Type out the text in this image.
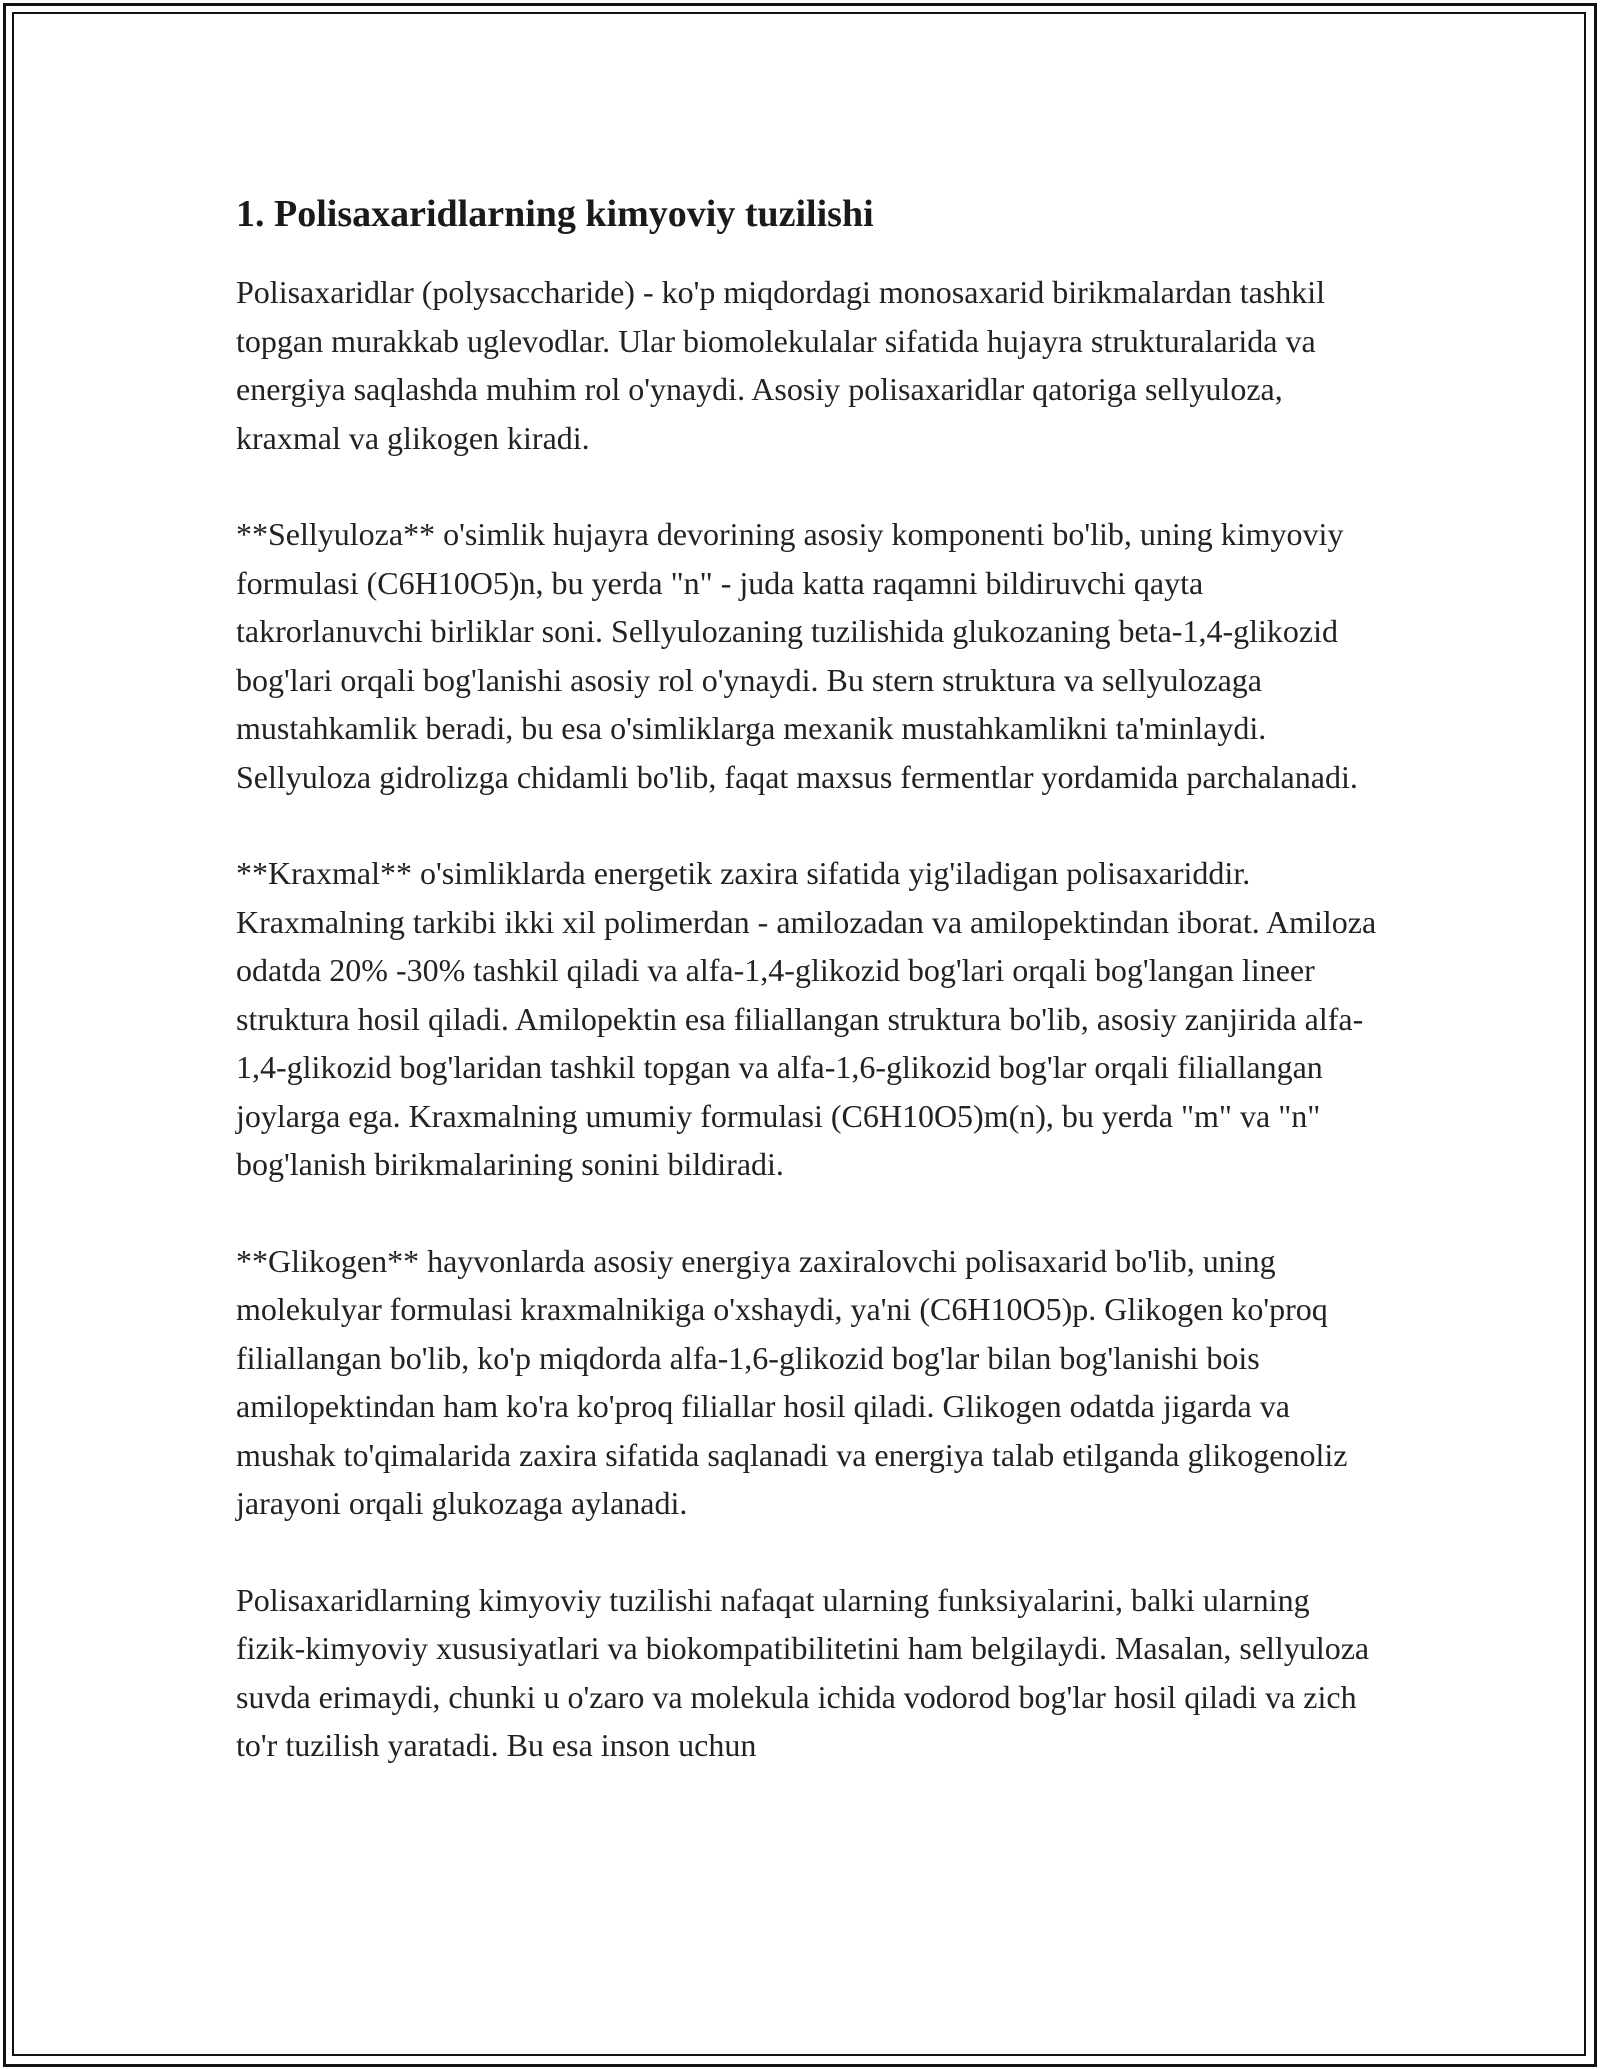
1. Polisaxaridlarning kimyoviy tuzilishi

Polisaxaridlar (polysaccharide) - ko'p miqdordagi monosaxarid birikmalardan tashkil topgan murakkab uglevodlar. Ular biomolekulalar sifatida hujayra strukturalarida va energiya saqlashda muhim rol o'ynaydi. Asosiy polisaxaridlar qatoriga sellyuloza, kraxmal va glikogen kiradi.

**Sellyuloza** o'simlik hujayra devorining asosiy komponenti bo'lib, uning kimyoviy formulasi (C6H10O5)n, bu yerda "n" - juda katta raqamni bildiruvchi qayta takrorlanuvchi birliklar soni. Sellyulozaning tuzilishida glukozaning beta-1,4-glikozid bog'lari orqali bog'lanishi asosiy rol o'ynaydi. Bu stern struktura va sellyulozaga mustahkamlik beradi, bu esa o'simliklarga mexanik mustahkamlikni ta'minlaydi. Sellyuloza gidrolizga chidamli bo'lib, faqat maxsus fermentlar yordamida parchalanadi.

**Kraxmal** o'simliklarda energetik zaxira sifatida yig'iladigan polisaxariddir. Kraxmalning tarkibi ikki xil polimerdan - amilozadan va amilopektindan iborat. Amiloza odatda 20% -30% tashkil qiladi va alfa-1,4-glikozid bog'lari orqali bog'langan lineer struktura hosil qiladi. Amilopektin esa filiallangan struktura bo'lib, asosiy zanjirida alfa-1,4-glikozid bog'laridan tashkil topgan va alfa-1,6-glikozid bog'lar orqali filiallangan joylarga ega. Kraxmalning umumiy formulasi (C6H10O5)m(n), bu yerda "m" va "n" bog'lanish birikmalarining sonini bildiradi.

**Glikogen** hayvonlarda asosiy energiya zaxiralovchi polisaxarid bo'lib, uning molekulyar formulasi kraxmalnikiga o'xshaydi, ya'ni (C6H10O5)p. Glikogen ko'proq filiallangan bo'lib, ko'p miqdorda alfa-1,6-glikozid bog'lar bilan bog'lanishi bois amilopektindan ham ko'ra ko'proq filiallar hosil qiladi. Glikogen odatda jigarda va mushak to'qimalarida zaxira sifatida saqlanadi va energiya talab etilganda glikogenoliz jarayoni orqali glukozaga aylanadi.

Polisaxaridlarning kimyoviy tuzilishi nafaqat ularning funksiyalarini, balki ularning fizik-kimyoviy xususiyatlari va biokompatibilitetini ham belgilaydi. Masalan, sellyuloza suvda erimaydi, chunki u o'zaro va molekula ichida vodorod bog'lar hosil qiladi va zich to'r tuzilish yaratadi. Bu esa inson uchun
